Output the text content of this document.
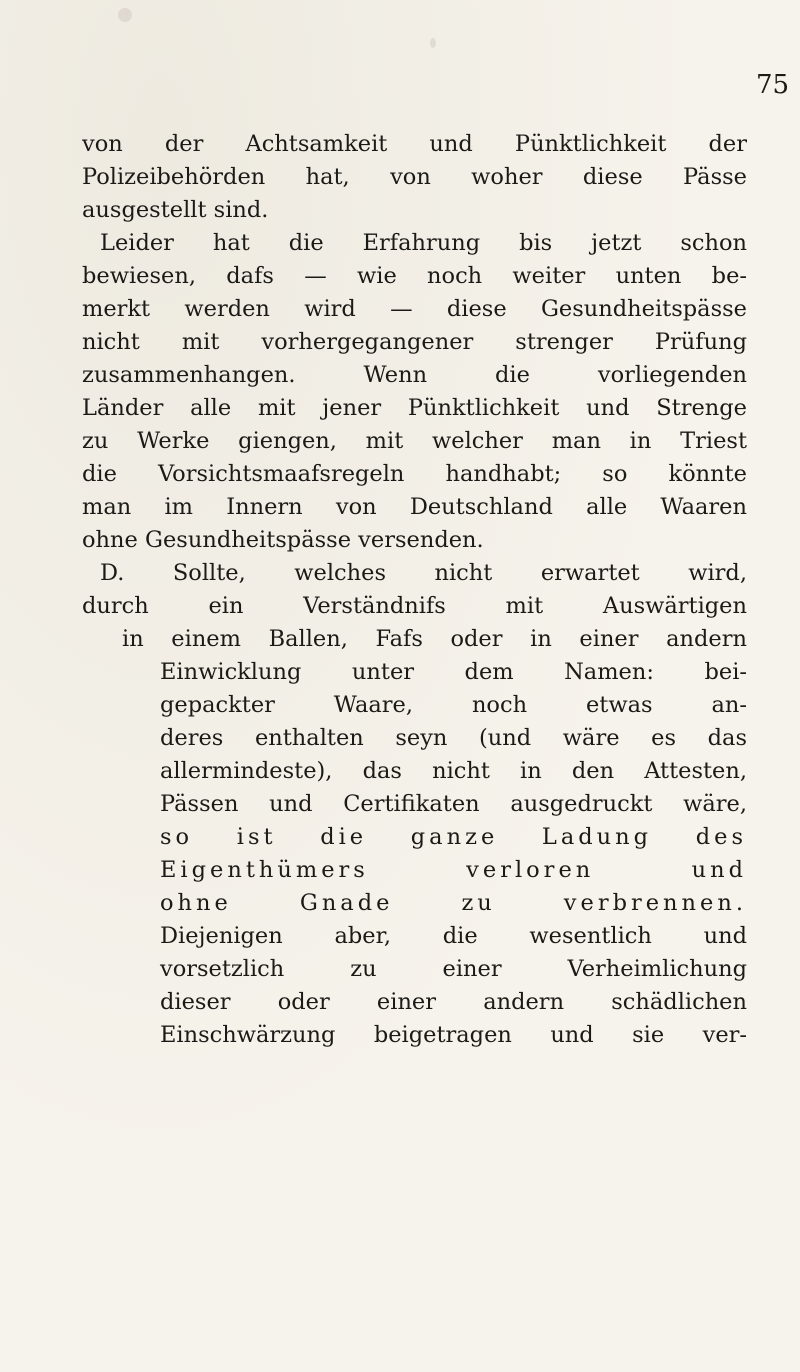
75
von der Achtsamkeit und Pünktlichkeit der
Polizeibehörden hat, von woher diese Pässe
ausgestellt sind.
Leider hat die Erfahrung bis jetzt schon
bewiesen, dafs — wie noch weiter unten be-
merkt werden wird — diese Gesundheitspässe
nicht mit vorhergegangener strenger Prüfung
zusammenhangen. Wenn die vorliegenden
Länder alle mit jener Pünktlichkeit und Strenge
zu Werke giengen, mit welcher man in Triest
die Vorsichtsmaafsregeln handhabt; so könnte
man im Innern von Deutschland alle Waaren
ohne Gesundheitspässe versenden.
D. Sollte, welches nicht erwartet wird,
durch ein Verständnifs mit Auswärtigen
in einem Ballen, Fafs oder in einer andern
Einwicklung unter dem Namen: bei-
gepackter Waare, noch etwas an-
deres enthalten seyn (und wäre es das
allermindeste), das nicht in den Attesten,
Pässen und Certifikaten ausgedruckt wäre,
so ist die ganze Ladung des
Eigenthümers verloren und
ohne Gnade zu verbrennen.
Diejenigen aber, die wesentlich und
vorsetzlich zu einer Verheimlichung
dieser oder einer andern schädlichen
Einschwärzung beigetragen und sie ver-
